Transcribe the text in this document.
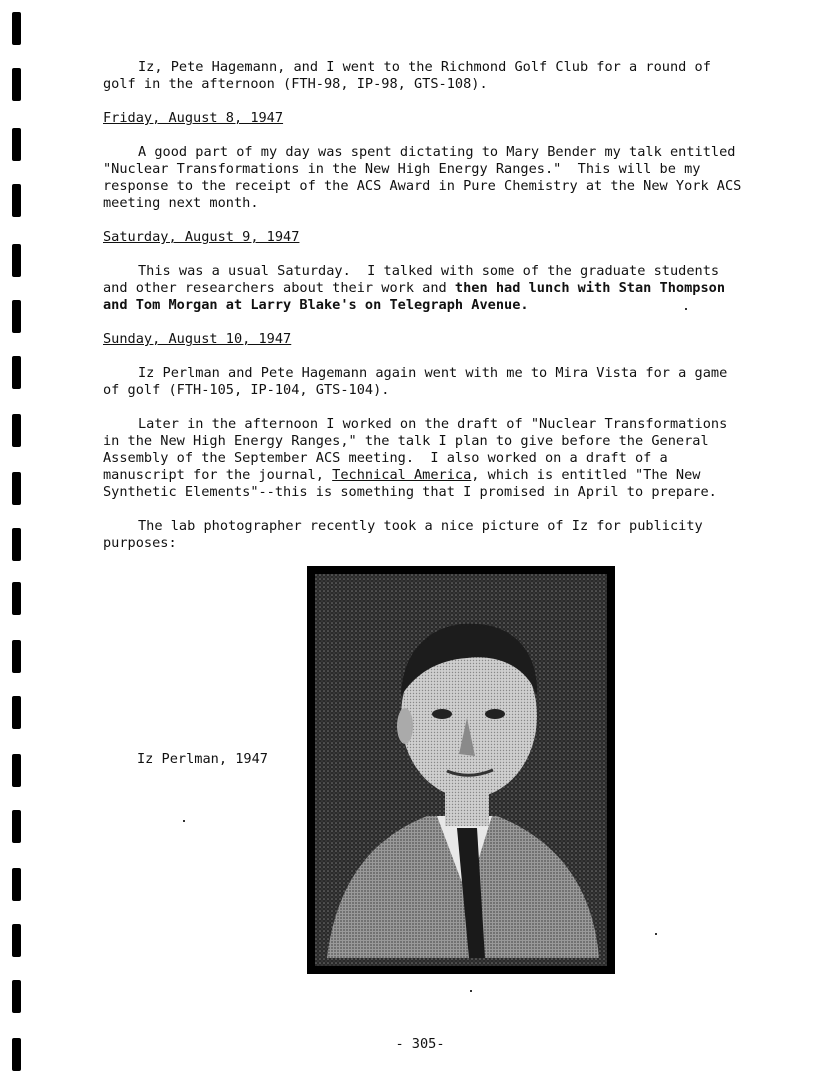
Iz, Pete Hagemann, and I went to the Richmond Golf Club for a round of golf in the afternoon (FTH-98, IP-98, GTS-108).

Friday, August 8, 1947

A good part of my day was spent dictating to Mary Bender my talk entitled "Nuclear Transformations in the New High Energy Ranges."  This will be my response to the receipt of the ACS Award in Pure Chemistry at the New York ACS meeting next month.

Saturday, August 9, 1947

This was a usual Saturday.  I talked with some of the graduate students and other researchers about their work and then had lunch with Stan Thompson and Tom Morgan at Larry Blake's on Telegraph Avenue.

Sunday, August 10, 1947

Iz Perlman and Pete Hagemann again went with me to Mira Vista for a game of golf (FTH-105, IP-104, GTS-104).

Later in the afternoon I worked on the draft of "Nuclear Transformations in the New High Energy Ranges," the talk I plan to give before the General Assembly of the September ACS meeting.  I also worked on a draft of a manuscript for the journal, Technical America, which is entitled "The New Synthetic Elements"--this is something that I promised in April to prepare.

The lab photographer recently took a nice picture of Iz for publicity purposes:

Iz Perlman, 1947
- 305-
